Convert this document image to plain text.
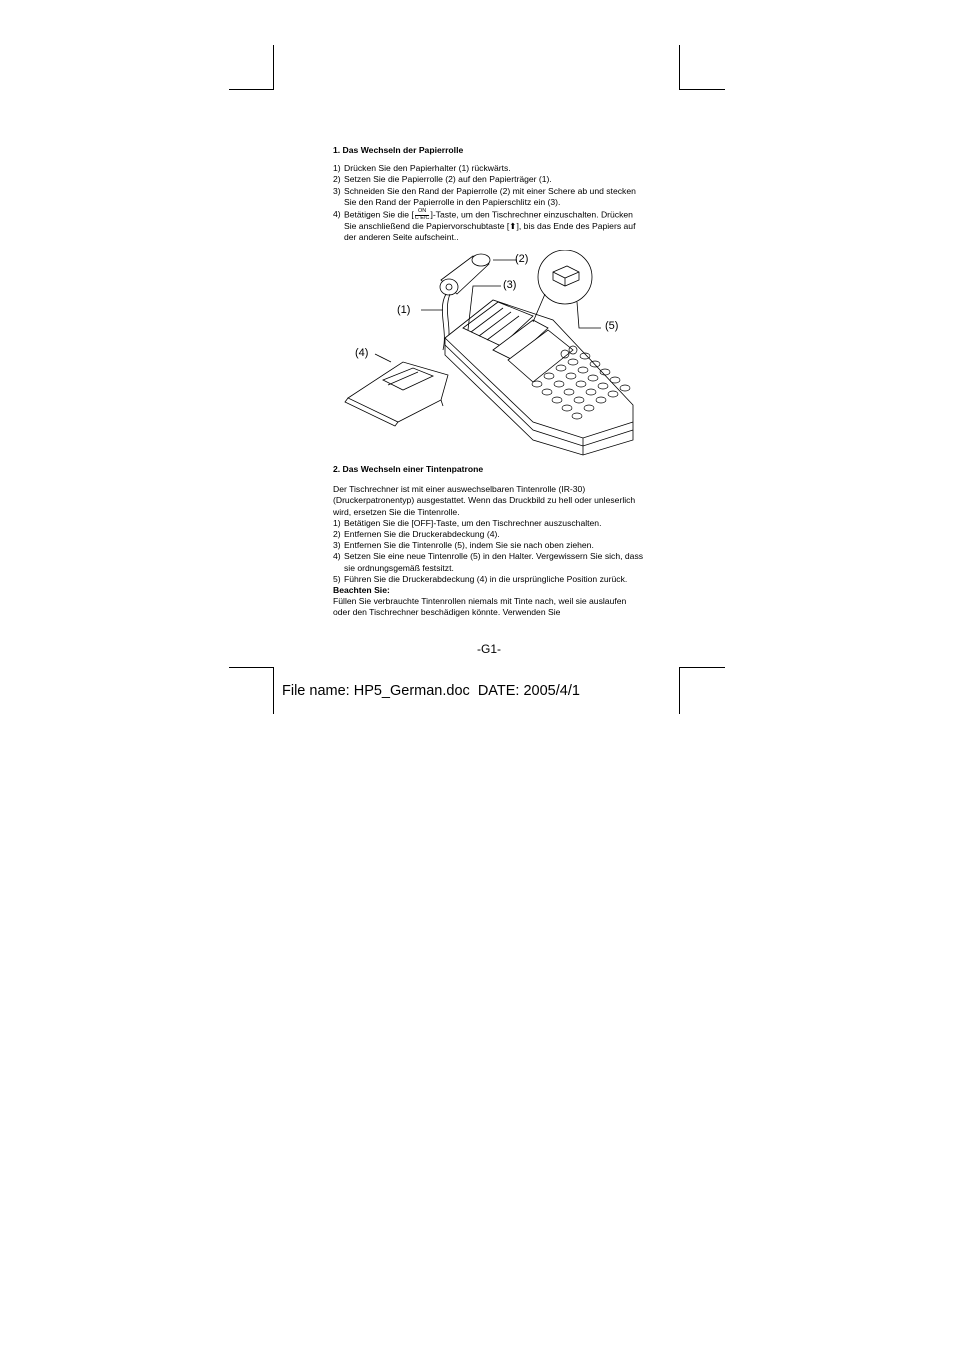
1. Das Wechseln der Papierrolle

1) Drücken Sie den Papierhalter (1) rückwärts.

2) Setzen Sie die Papierrolle (2) auf den Papierträger (1).

3) Schneiden Sie den Rand der Papierrolle (2) mit einer Schere ab und stecken Sie den Rand der Papierrolle in den Papierschlitz ein (3).

4) Betätigen Sie die [ $\frac{ON}{\text{C E/C}}$ ]-Taste, um den Tischrechner einzuschalten. Drücken Sie anschließend die Papiervorschubtaste [⬆], bis das Ende des Papiers auf der anderen Seite aufscheint..

(1)
(2)
(3)
(4)
(5)

2. Das Wechseln einer Tintenpatrone

Der Tischrechner ist mit einer auswechselbaren Tintenrolle (IR-30) (Druckerpatronentyp) ausgestattet. Wenn das Druckbild zu hell oder unleserlich wird, ersetzen Sie die Tintenrolle.

1) Betätigen Sie die [OFF]-Taste, um den Tischrechner auszuschalten.

2) Entfernen Sie die Druckerabdeckung (4).

3) Entfernen Sie die Tintenrolle (5), indem Sie sie nach oben ziehen.

4) Setzen Sie eine neue Tintenrolle (5) in den Halter. Vergewissern Sie sich, dass sie ordnungsgemäß festsitzt.

5) Führen Sie die Druckerabdeckung (4) in die ursprüngliche Position zurück.

Beachten Sie:

Füllen Sie verbrauchte Tintenrollen niemals mit Tinte nach, weil sie auslaufen oder den Tischrechner beschädigen könnte. Verwenden Sie

-G1-
File name: HP5_German.doc  DATE: 2005/4/1
